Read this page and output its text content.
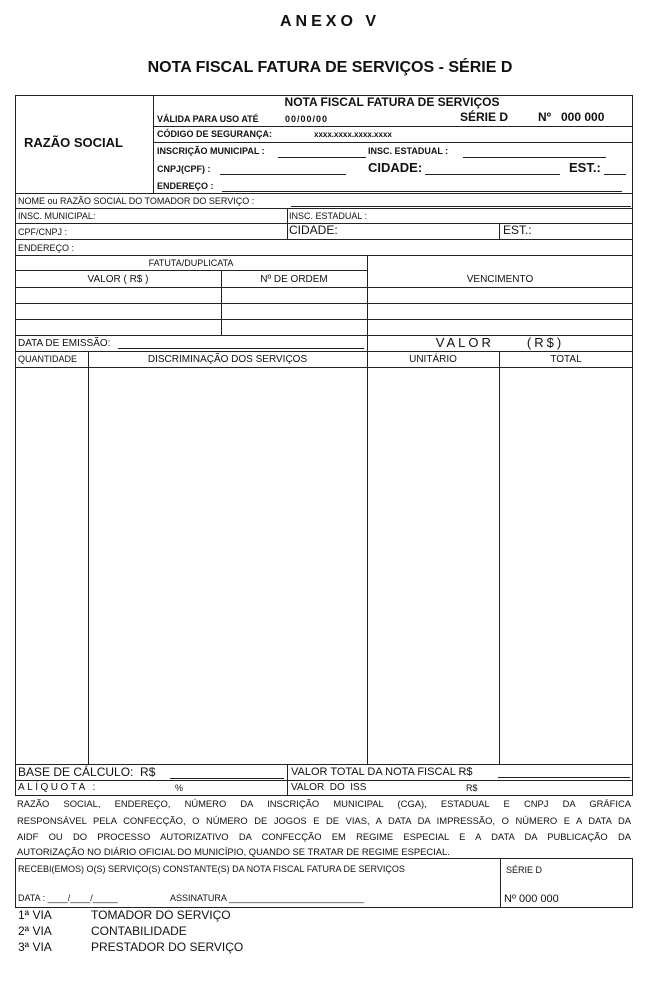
ANEXO V
NOTA FISCAL FATURA DE SERVIÇOS - SÉRIE D
RAZÃO SOCIAL
NOTA FISCAL FATURA DE SERVIÇOS
VÁLIDA PARA USO ATÉ	00/00/00	SÉRIE D Nº 000 000
CÓDIGO DE SEGURANÇA:	xxxx.xxxx.xxxx.xxxx
INSCRIÇÃO MUNICIPAL :	INSC. ESTADUAL :
CNPJ(CPF) :	CIDADE:	EST.:
ENDEREÇO :
NOME ou RAZÃO SOCIAL DO TOMADOR DO SERVIÇO :
INSC. MUNICIPAL:	INSC. ESTADUAL :
CPF/CNPJ :	CIDADE:	EST.:
ENDEREÇO :
FATUTA/DUPLICATA
VALOR ( R$ )	Nº DE ORDEM	VENCIMENTO
DATA DE EMISSÃO:	VALOR     (R$)
QUANTIDADE	DISCRIMINAÇÃO DOS SERVIÇOS	UNITÁRIO	TOTAL
BASE DE CÁLCULO:  R$	VALOR TOTAL DA NOTA FISCAL R$
ALÍQUOTA :	%	VALOR  DO  ISS	R$
RAZÃO SOCIAL, ENDEREÇO, NÚMERO DA INSCRIÇÃO MUNICIPAL (CGA), ESTADUAL E CNPJ DA GRÁFICA
RESPONSÁVEL PELA CONFECÇÃO, O NÚMERO DE JOGOS E DE VIAS, A DATA DA IMPRESSÃO, O NÚMERO E A DATA DA
AIDF OU DO PROCESSO AUTORIZATIVO DA CONFECÇÃO EM REGIME ESPECIAL E A DATA DA PUBLICAÇÃO DA
AUTORIZAÇÃO NO DIÁRIO OFICIAL DO MUNICÍPIO, QUANDO SE TRATAR DE REGIME ESPECIAL.
RECEBI(EMOS) O(S) SERVIÇO(S) CONSTANTE(S) DA NOTA FISCAL FATURA DE SERVIÇOS
DATA : ____/____/_____	ASSINATURA ___________________________
SÉRIE D
Nº 000 000
1ª VIA	TOMADOR DO SERVIÇO
2ª VIA	CONTABILIDADE
3ª VIA	PRESTADOR DO SERVIÇO
